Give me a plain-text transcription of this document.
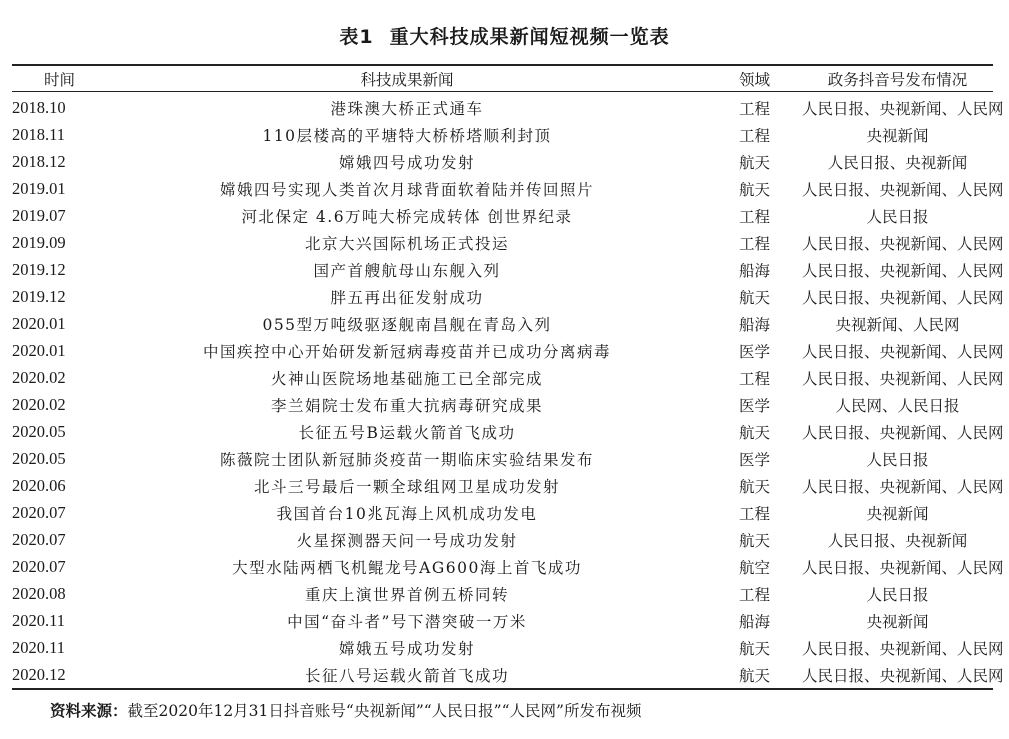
表1 重大科技成果新闻短视频一览表
时间	科技成果新闻	领域	政务抖音号发布情况
2018.10	港珠澳大桥正式通车	工程	人民日报、央视新闻、人民网
2018.11	110层楼高的平塘特大桥桥塔顺利封顶	工程	央视新闻
2018.12	嫦娥四号成功发射	航天	人民日报、央视新闻
2019.01	嫦娥四号实现人类首次月球背面软着陆并传回照片	航天	人民日报、央视新闻、人民网
2019.07	河北保定 4.6万吨大桥完成转体 创世界纪录	工程	人民日报
2019.09	北京大兴国际机场正式投运	工程	人民日报、央视新闻、人民网
2019.12	国产首艘航母山东舰入列	船海	人民日报、央视新闻、人民网
2019.12	胖五再出征发射成功	航天	人民日报、央视新闻、人民网
2020.01	055型万吨级驱逐舰南昌舰在青岛入列	船海	央视新闻、人民网
2020.01	中国疾控中心开始研发新冠病毒疫苗并已成功分离病毒	医学	人民日报、央视新闻、人民网
2020.02	火神山医院场地基础施工已全部完成	工程	人民日报、央视新闻、人民网
2020.02	李兰娟院士发布重大抗病毒研究成果	医学	人民网、人民日报
2020.05	长征五号B运载火箭首飞成功	航天	人民日报、央视新闻、人民网
2020.05	陈薇院士团队新冠肺炎疫苗一期临床实验结果发布	医学	人民日报
2020.06	北斗三号最后一颗全球组网卫星成功发射	航天	人民日报、央视新闻、人民网
2020.07	我国首台10兆瓦海上风机成功发电	工程	央视新闻
2020.07	火星探测器天问一号成功发射	航天	人民日报、央视新闻
2020.07	大型水陆两栖飞机鲲龙号AG600海上首飞成功	航空	人民日报、央视新闻、人民网
2020.08	重庆上演世界首例五桥同转	工程	人民日报
2020.11	中国“奋斗者”号下潜突破一万米	船海	央视新闻
2020.11	嫦娥五号成功发射	航天	人民日报、央视新闻、人民网
2020.12	长征八号运载火箭首飞成功	航天	人民日报、央视新闻、人民网
资料来源：截至2020年12月31日抖音账号“央视新闻”“人民日报”“人民网”所发布视频
